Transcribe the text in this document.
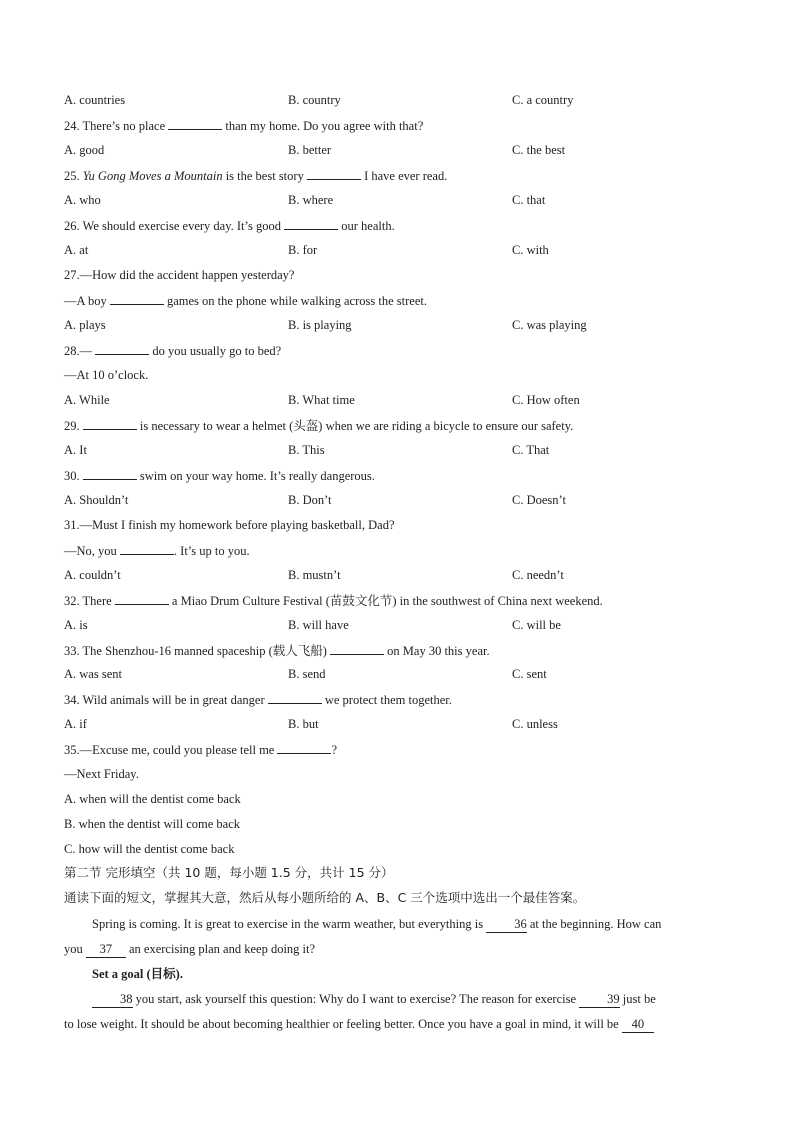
A. countries	B. country	C. a country
24. There’s no place	than my home. Do you agree with that?
A. good	B. better	C. the best
25. Yu Gong Moves a Mountain is the best story	I have ever read.
A. who	B. where	C. that
26. We should exercise every day. It’s good	our health.
A. at	B. for	C. with
27.—How did the accident happen yesterday?
—A boy	games on the phone while walking across the street.
A. plays	B. is playing	C. was playing
28.—	do you usually go to bed?
—At 10 o’clock.
A. While	B. What time	C. How often
29.	is necessary to wear a helmet (头盔) when we are riding a bicycle to ensure our safety.
A. It	B. This	C. That
30.	swim on your way home. It’s really dangerous.
A. Shouldn’t	B. Don’t	C. Doesn’t
31.—Must I finish my homework before playing basketball, Dad?
—No, you	. It’s up to you.
A. couldn’t	B. mustn’t	C. needn’t
32. There	a Miao Drum Culture Festival (苗鼓文化节) in the southwest of China next weekend.
A. is	B. will have	C. will be
33. The Shenzhou-16 manned spaceship (载人飞船)	on May 30 this year.
A. was sent	B. send	C. sent
34. Wild animals will be in great danger	we protect them together.
A. if	B. but	C. unless
35.—Excuse me, could you please tell me	?
—Next Friday.
A. when will the dentist come back
B. when the dentist will come back
C. how will the dentist come back
第二节 完形填空（共 10 题，每小题 1.5 分，共计 15 分）
通读下面的短文，掌握其大意，然后从每小题所给的 A、B、C 三个选项中选出一个最佳答案。
Spring is coming. It is great to exercise in the warm weather, but everything is 36 at the beginning. How can
you 37 an exercising plan and keep doing it?
Set a goal (目标).
38 you start, ask yourself this question: Why do I want to exercise? The reason for exercise 39 just be
to lose weight. It should be about becoming healthier or feeling better. Once you have a goal in mind, it will be 40
